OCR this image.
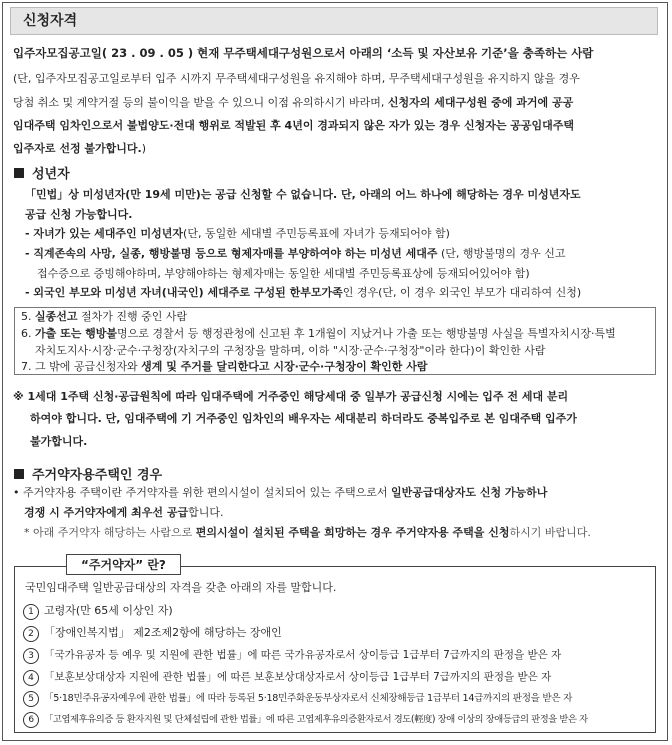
신청자격
입주자모집공고일( 23 . 09 . 05 ) 현재 무주택세대구성원으로서 아래의 ‘소득 및 자산보유 기준’을 충족하는 사람
(단, 입주자모집공고일로부터 입주 시까지 무주택세대구성원을 유지해야 하며, 무주택세대구성원을 유지하지 않을 경우
당첨 취소 및 계약거절 등의 불이익을 받을 수 있으니 이점 유의하시기 바라며, 신청자의 세대구성원 중에 과거에 공공
임대주택 임차인으로서 불법양도·전대 행위로 적발된 후 4년이 경과되지 않은 자가 있는 경우 신청자는 공공임대주택
입주자로 선정 불가합니다.)
성년자
「민법」상 미성년자(만 19세 미만)는 공급 신청할 수 없습니다. 단, 아래의 어느 하나에 해당하는 경우 미성년자도
공급 신청 가능합니다.
- 자녀가 있는 세대주인 미성년자(단, 동일한 세대별 주민등록표에 자녀가 등재되어야 함)
- 직계존속의 사망, 실종, 행방불명 등으로 형제자매를 부양하여야 하는 미성년 세대주 (단, 행방불명의 경우 신고
접수증으로 증빙해야하며, 부양해야하는 형제자매는 동일한 세대별 주민등록표상에 등재되어있어야 함)
- 외국인 부모와 미성년 자녀(내국인) 세대주로 구성된 한부모가족인 경우(단, 이 경우 외국인 부모가 대리하여 신청)
5. 실종선고 절차가 진행 중인 사람
6. 가출 또는 행방불명으로 경찰서 등 행정관청에 신고된 후 1개월이 지났거나 가출 또는 행방불명 사실을 특별자치시장·특별
자치도지사·시장·군수·구청장(자치구의 구청장을 말하며, 이하 "시장·군수·구청장"이라 한다)이 확인한 사람
7. 그 밖에 공급신청자와 생계 및 주거를 달리한다고 시장·군수·구청장이 확인한 사람
※ 1세대 1주택 신청·공급원칙에 따라 임대주택에 거주중인 해당세대 중 일부가 공급신청 시에는 입주 전 세대 분리
하여야 합니다. 단, 임대주택에 기 거주중인 임차인의 배우자는 세대분리 하더라도 중복입주로 본 임대주택 입주가
불가합니다.
주거약자용주택인 경우
• 주거약자용 주택이란 주거약자를 위한 편의시설이 설치되어 있는 주택으로서 일반공급대상자도 신청 가능하나
경쟁 시 주거약자에게 최우선 공급합니다.
* 아래 주거약자 해당하는 사람으로 편의시설이 설치된 주택을 희망하는 경우 주거약자용 주택을 신청하시기 바랍니다.
국민임대주택 일반공급대상의 자격을 갖춘 아래의 자를 말합니다.
1 고령자(만 65세 이상인 자)
2 「장애인복지법」 제2조제2항에 해당하는 장애인
3 「국가유공자 등 예우 및 지원에 관한 법률」에 따른 국가유공자로서 상이등급 1급부터 7급까지의 판정을 받은 자
4 「보훈보상대상자 지원에 관한 법률」에 따른 보훈보상대상자로서 상이등급 1급부터 7급까지의 판정을 받은 자
5 「5·18민주유공자예우에 관한 법률」에 따라 등록된 5·18민주화운동부상자로서 신체장해등급 1급부터 14급까지의 판정을 받은 자
6 「고엽제후유의증 등 환자지원 및 단체설립에 관한 법률」에 따른 고엽제후유의증환자로서 경도(輕度) 장애 이상의 장애등급의 판정을 받은 자
“주거약자” 란?
